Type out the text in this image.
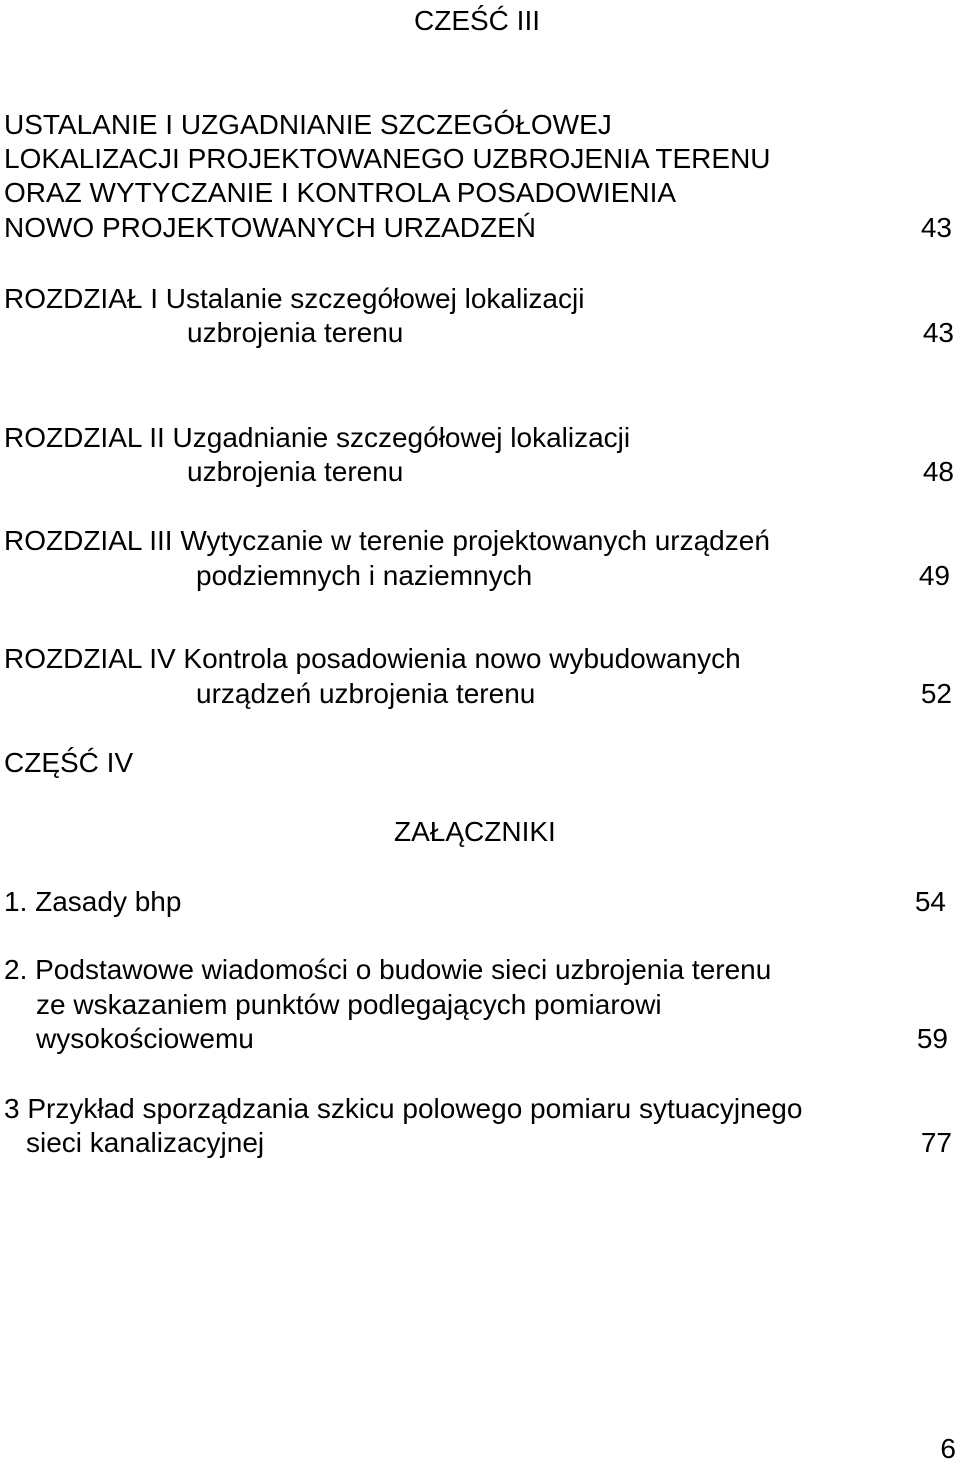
CZEŚĆ III
USTALANIE I UZGADNIANIE SZCZEGÓŁOWEJ
LOKALIZACJI PROJEKTOWANEGO UZBROJENIA TERENU
ORAZ WYTYCZANIE I KONTROLA POSADOWIENIA
NOWO PROJEKTOWANYCH URZADZEŃ	43
ROZDZIAŁ I Ustalanie szczegółowej lokalizacji
uzbrojenia terenu	43
ROZDZIAL II Uzgadnianie szczegółowej lokalizacji
uzbrojenia terenu	48
ROZDZIAL III Wytyczanie w terenie projektowanych urządzeń
podziemnych i naziemnych	49
ROZDZIAL IV Kontrola posadowienia nowo wybudowanych
urządzeń uzbrojenia terenu	52
CZĘŚĆ IV
ZAŁĄCZNIKI
1. Zasady bhp	54
2. Podstawowe wiadomości o budowie sieci uzbrojenia terenu
ze wskazaniem punktów podlegających pomiarowi
wysokościowemu	59
3 Przykład sporządzania szkicu polowego pomiaru sytuacyjnego
sieci kanalizacyjnej	77
6
